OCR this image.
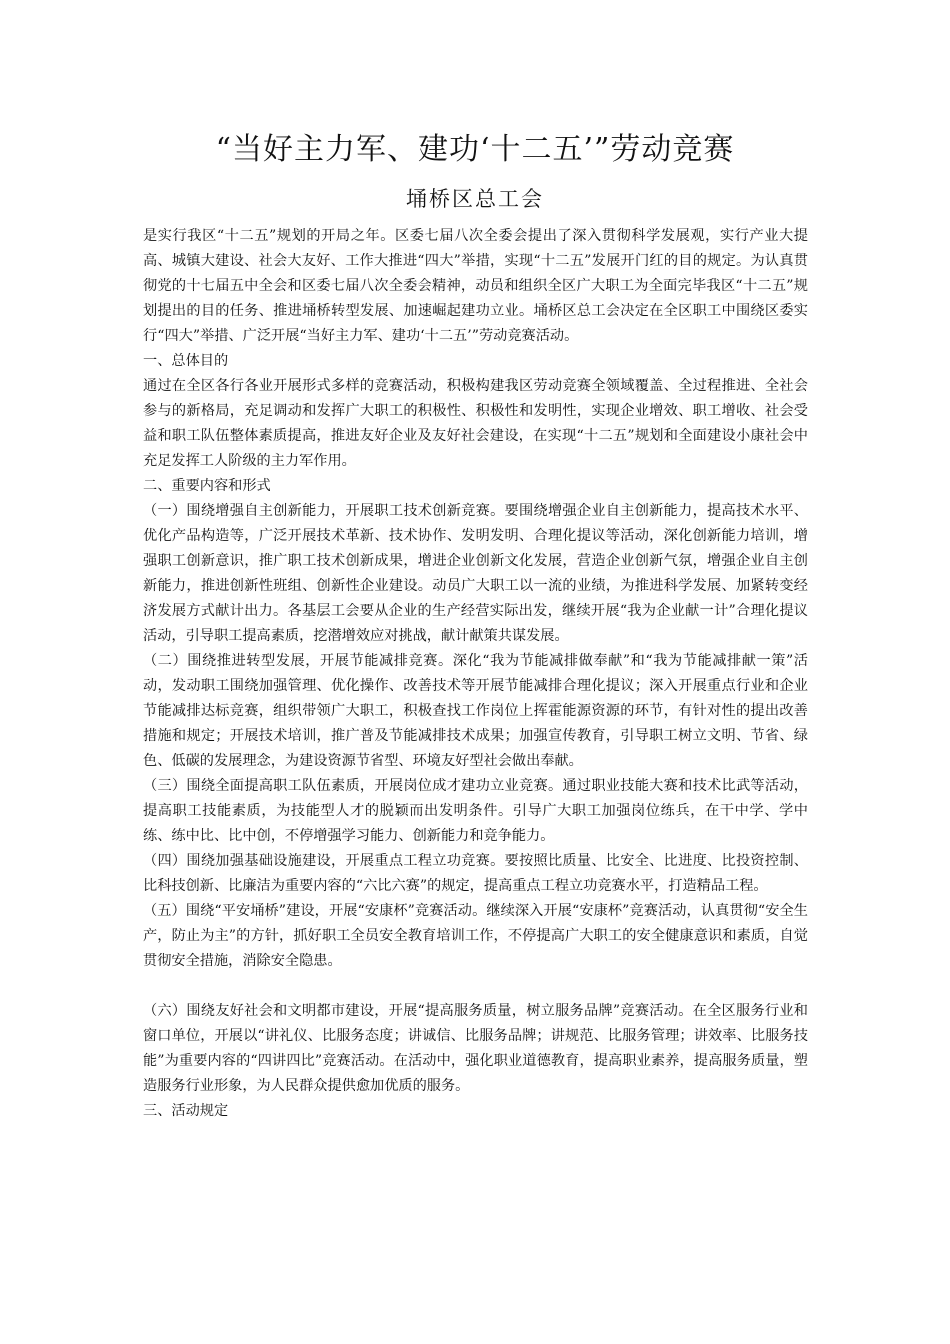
“当好主力军、建功‘十二五’”劳动竞赛
埇桥区总工会

是实行我区“十二五”规划的开局之年。区委七届八次全委会提出了深入贯彻科学发展观，实行产业大提高、城镇大建设、社会大友好、工作大推进“四大”举措，实现“十二五”发展开门红的目的规定。为认真贯彻党的十七届五中全会和区委七届八次全委会精神，动员和组织全区广大职工为全面完毕我区“十二五”规划提出的目的任务、推进埇桥转型发展、加速崛起建功立业。埇桥区总工会决定在全区职工中围绕区委实行“四大”举措、广泛开展“当好主力军、建功‘十二五’”劳动竞赛活动。

一、总体目的

通过在全区各行各业开展形式多样的竞赛活动，积极构建我区劳动竞赛全领域覆盖、全过程推进、全社会参与的新格局，充足调动和发挥广大职工的积极性、积极性和发明性，实现企业增效、职工增收、社会受益和职工队伍整体素质提高，推进友好企业及友好社会建设，在实现“十二五”规划和全面建设小康社会中充足发挥工人阶级的主力军作用。

二、重要内容和形式

（一）围绕增强自主创新能力，开展职工技术创新竞赛。要围绕增强企业自主创新能力，提高技术水平、优化产品构造等，广泛开展技术革新、技术协作、发明发明、合理化提议等活动，深化创新能力培训，增强职工创新意识，推广职工技术创新成果，增进企业创新文化发展，营造企业创新气氛，增强企业自主创新能力，推进创新性班组、创新性企业建设。动员广大职工以一流的业绩，为推进科学发展、加紧转变经济发展方式献计出力。各基层工会要从企业的生产经营实际出发，继续开展“我为企业献一计”合理化提议活动，引导职工提高素质，挖潜增效应对挑战，献计献策共谋发展。

（二）围绕推进转型发展，开展节能减排竞赛。深化“我为节能减排做奉献”和“我为节能减排献一策”活动，发动职工围绕加强管理、优化操作、改善技术等开展节能减排合理化提议；深入开展重点行业和企业节能减排达标竞赛，组织带领广大职工，积极查找工作岗位上挥霍能源资源的环节，有针对性的提出改善措施和规定；开展技术培训，推广普及节能减排技术成果；加强宣传教育，引导职工树立文明、节省、绿色、低碳的发展理念，为建设资源节省型、环境友好型社会做出奉献。

（三）围绕全面提高职工队伍素质，开展岗位成才建功立业竞赛。通过职业技能大赛和技术比武等活动，提高职工技能素质，为技能型人才的脱颖而出发明条件。引导广大职工加强岗位练兵，在干中学、学中练、练中比、比中创，不停增强学习能力、创新能力和竞争能力。

（四）围绕加强基础设施建设，开展重点工程立功竞赛。要按照比质量、比安全、比进度、比投资控制、比科技创新、比廉洁为重要内容的“六比六赛”的规定，提高重点工程立功竞赛水平，打造精品工程。

（五）围绕“平安埇桥”建设，开展“安康杯”竞赛活动。继续深入开展“安康杯”竞赛活动，认真贯彻“安全生产，防止为主”的方针，抓好职工全员安全教育培训工作，不停提高广大职工的安全健康意识和素质，自觉贯彻安全措施，消除安全隐患。

（六）围绕友好社会和文明都市建设，开展“提高服务质量，树立服务品牌”竞赛活动。在全区服务行业和窗口单位，开展以“讲礼仪、比服务态度；讲诚信、比服务品牌；讲规范、比服务管理；讲效率、比服务技能”为重要内容的“四讲四比”竞赛活动。在活动中，强化职业道德教育，提高职业素养，提高服务质量，塑造服务行业形象，为人民群众提供愈加优质的服务。

三、活动规定
